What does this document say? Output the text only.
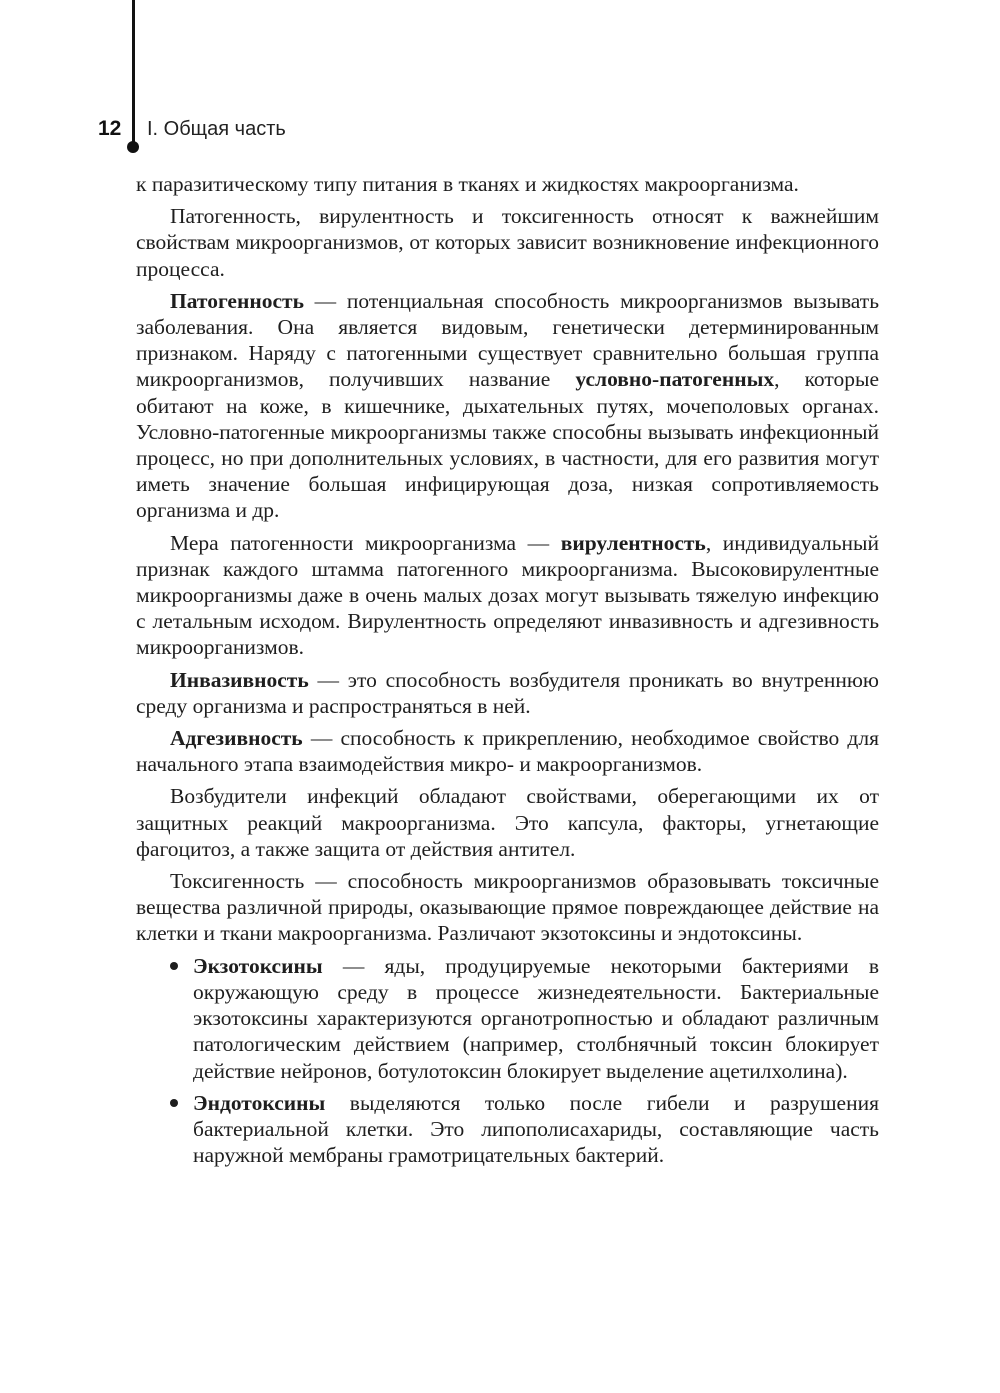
12 I. Общая часть

к паразитическому типу питания в тканях и жидкостях макроорганизма.

Патогенность, вирулентность и токсигенность относят к важнейшим свойствам микроорганизмов, от которых зависит возникновение инфекционного процесса.

Патогенность — потенциальная способность микроорганизмов вызывать заболевания. Она является видовым, генетически детерминированным признаком. Наряду с патогенными существует сравнительно большая группа микроорганизмов, получивших название условно-патогенных, которые обитают на коже, в кишечнике, дыхательных путях, мочеполовых органах. Условно-патогенные микроорганизмы также способны вызывать инфекционный процесс, но при дополнительных условиях, в частности, для его развития могут иметь значение большая инфицирующая доза, низкая сопротивляемость организма и др.

Мера патогенности микроорганизма — вирулентность, индивидуальный признак каждого штамма патогенного микроорганизма. Высоковирулентные микроорганизмы даже в очень малых дозах могут вызывать тяжелую инфекцию с летальным исходом. Вирулентность определяют инвазивность и адгезивность микроорганизмов.

Инвазивность — это способность возбудителя проникать во внутреннюю среду организма и распространяться в ней.

Адгезивность — способность к прикреплению, необходимое свойство для начального этапа взаимодействия микро- и макроорганизмов.

Возбудители инфекций обладают свойствами, оберегающими их от защитных реакций макроорганизма. Это капсула, факторы, угнетающие фагоцитоз, а также защита от действия антител.

Токсигенность — способность микроорганизмов образовывать токсичные вещества различной природы, оказывающие прямое повреждающее действие на клетки и ткани макроорганизма. Различают экзотоксины и эндотоксины.

Экзотоксины — яды, продуцируемые некоторыми бактериями в окружающую среду в процессе жизнедеятельности. Бактериальные экзотоксины характеризуются органотропностью и обладают различным патологическим действием (например, столбнячный токсин блокирует действие нейронов, ботулотоксин блокирует выделение ацетилхолина).
Эндотоксины выделяются только после гибели и разрушения бактериальной клетки. Это липополисахариды, составляющие часть наружной мембраны грамотрицательных бактерий.
